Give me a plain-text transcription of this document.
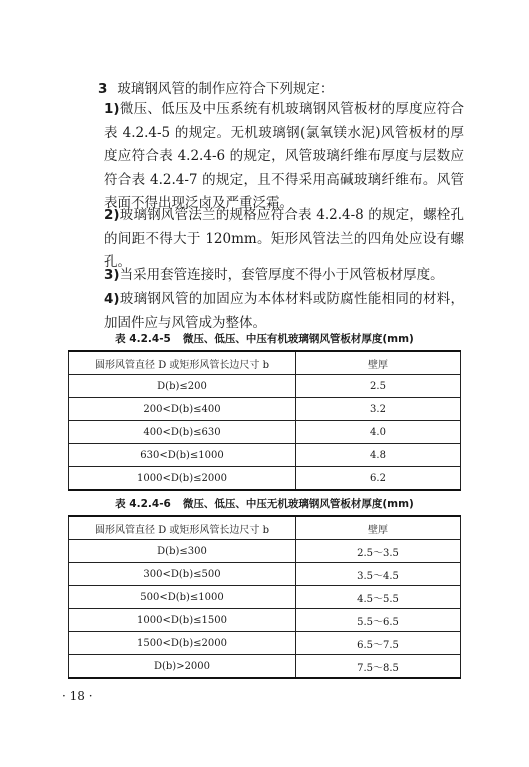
3 玻璃钢风管的制作应符合下列规定：

1)微压、低压及中压系统有机玻璃钢风管板材的厚度应符合表 4.2.4-5 的规定。无机玻璃钢(氯氧镁水泥)风管板材的厚度应符合表 4.2.4-6 的规定，风管玻璃纤维布厚度与层数应符合表 4.2.4-7 的规定，且不得采用高碱玻璃纤维布。风管表面不得出现泛卤及严重泛霜。

2)玻璃钢风管法兰的规格应符合表 4.2.4-8 的规定，螺栓孔的间距不得大于 120mm。矩形风管法兰的四角处应设有螺孔。

3)当采用套管连接时，套管厚度不得小于风管板材厚度。

4)玻璃钢风管的加固应为本体材料或防腐性能相同的材料，加固件应与风管成为整体。

表 4.2.4-5 微压、低压、中压有机玻璃钢风管板材厚度(mm)
圆形风管直径 D 或矩形风管长边尺寸 b	壁厚
D(b)≤200	2.5
200<D(b)≤400	3.2
400<D(b)≤630	4.0
630<D(b)≤1000	4.8
1000<D(b)≤2000	6.2
表 4.2.4-6 微压、低压、中压无机玻璃钢风管板材厚度(mm)
圆形风管直径 D 或矩形风管长边尺寸 b	壁厚
D(b)≤300	2.5～3.5
300<D(b)≤500	3.5～4.5
500<D(b)≤1000	4.5～5.5
1000<D(b)≤1500	5.5～6.5
1500<D(b)≤2000	6.5～7.5
D(b)>2000	7.5～8.5
· 18 ·
